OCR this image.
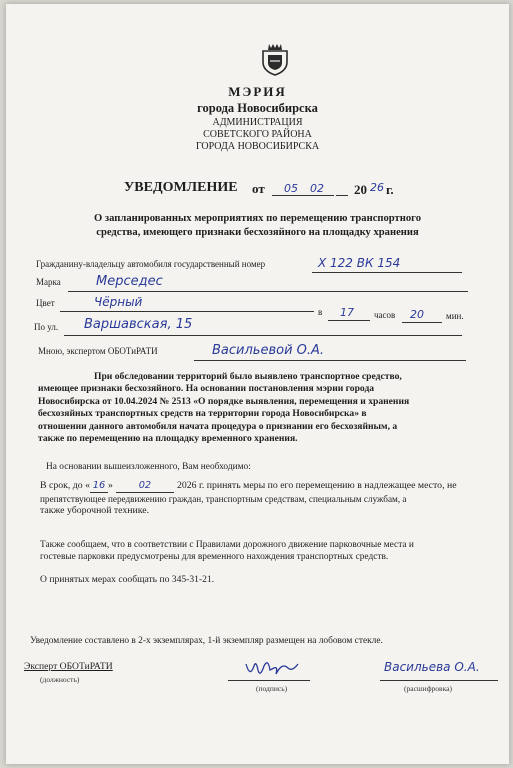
МЭРИЯ
города Новосибирска
АДМИНИСТРАЦИЯ
СОВЕТСКОГО РАЙОНА
ГОРОДА НОВОСИБИРСКА
УВЕДОМЛЕНИЕ от 05 02 20 26 г.
О запланированных мероприятиях по перемещению транспортного
средства, имеющего признаки бесхозяйного на площадку хранения
Гражданину-владельцу автомобиля государственный номер	Х 122 ВК 154
Марка	Мерседес
Цвет	Чёрный
в 17 часов 20 мин.
По ул. Варшавская, 15
Мною, экспертом ОБОТиРАТИ	Васильевой О.А.
При обследовании территорий было выявлено транспортное средство,
имеющее признаки бесхозяйного. На основании постановления мэрии города
Новосибирска от 10.04.2024 № 2513 «О порядке выявления, перемещения и хранения
бесхозяйных транспортных средств на территории города Новосибирска» в
отношении данного автомобиля начата процедура о признании его бесхозяйным, а
также по перемещению на площадку временного хранения.
На основании вышеизложенного, Вам необходимо:
В срок, до « 16 »	02	2026 г. принять меры по его перемещению в надлежащее место, не
препятствующее передвижению граждан, транспортным средствам, специальным службам, а
также уборочной технике.
Также сообщаем, что в соответствии с Правилами дорожного движение парковочные места и
гостевые парковки предусмотрены для временного нахождения транспортных средств.
О принятых мерах сообщать по 345-31-21.
Уведомление составлено в 2-х экземплярах, 1-й экземпляр размещен на лобовом стекле.
Эксперт ОБОТиРАТИ
(должность)
(подпись)
Васильева О.А.
(расшифровка)
